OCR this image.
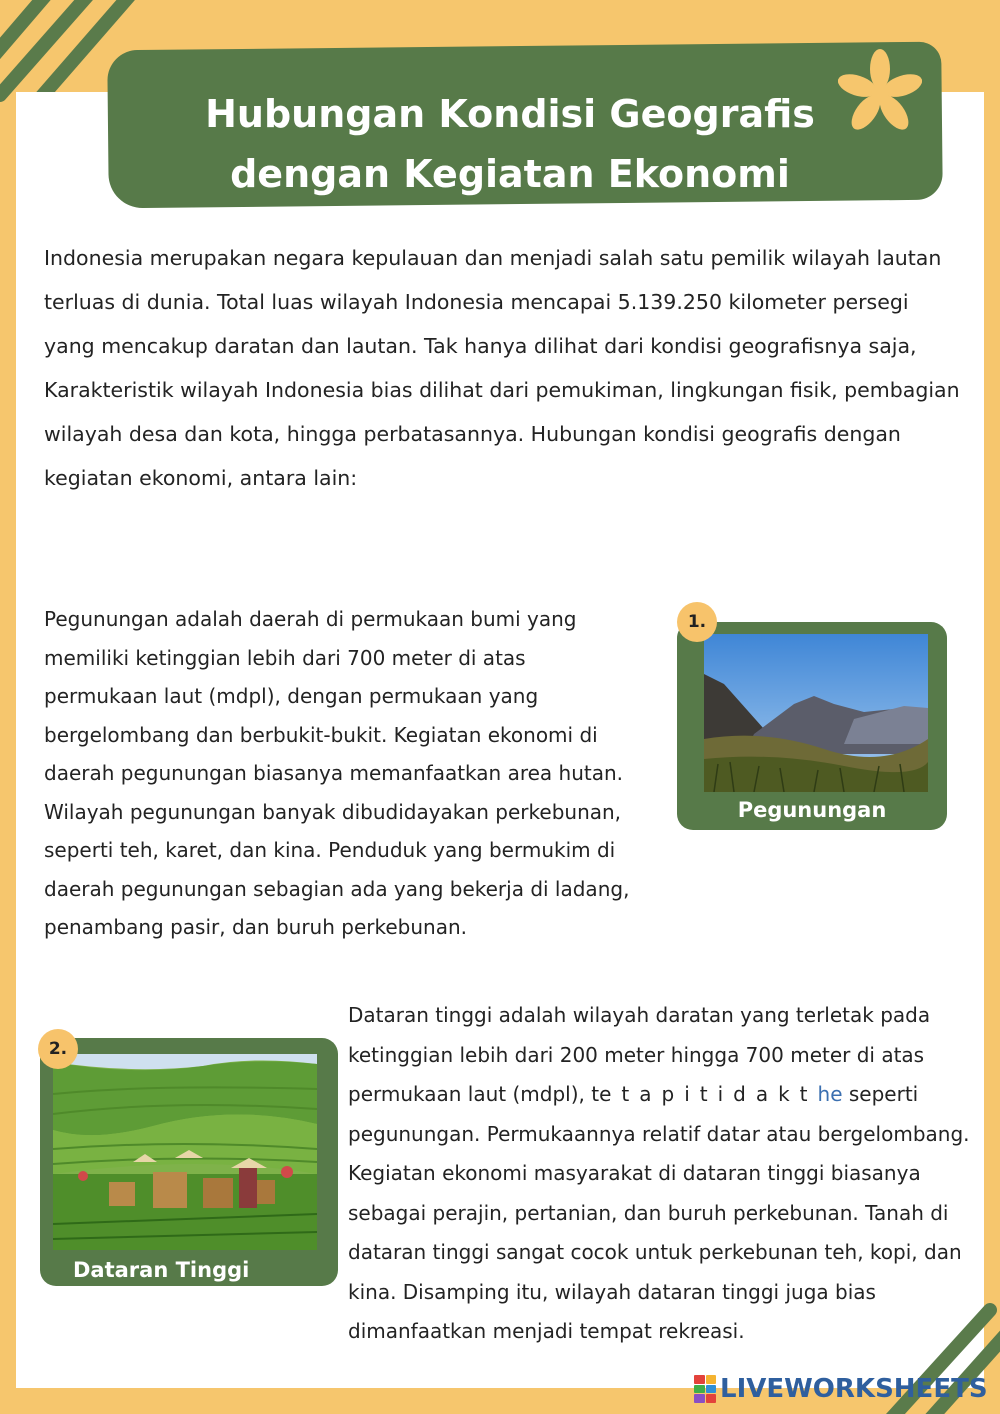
Hubungan Kondisi Geografis
dengan Kegiatan Ekonomi

Indonesia merupakan negara kepulauan dan menjadi salah satu pemilik wilayah lautan terluas di dunia. Total luas wilayah Indonesia mencapai 5.139.250 kilometer persegi yang mencakup daratan dan lautan. Tak hanya dilihat dari kondisi geografisnya saja, Karakteristik wilayah Indonesia bias dilihat dari pemukiman, lingkungan fisik, pembagian wilayah desa dan kota, hingga perbatasannya. Hubungan kondisi geografis dengan kegiatan ekonomi, antara lain:

Pegunungan adalah daerah di permukaan bumi yang memiliki ketinggian lebih dari 700 meter di atas permukaan laut (mdpl), dengan permukaan yang bergelombang dan berbukit-bukit. Kegiatan ekonomi di daerah pegunungan biasanya memanfaatkan area hutan. Wilayah pegunungan banyak dibudidayakan perkebunan, seperti teh, karet, dan kina. Penduduk yang bermukim di daerah pegunungan sebagian ada yang bekerja di ladang, penambang pasir, dan buruh perkebunan.

Pegunungan
1.
Dataran Tinggi
2.

Dataran tinggi adalah wilayah daratan yang terletak pada ketinggian lebih dari 200 meter hingga 700 meter di atas permukaan laut (mdpl), tetapitidakthe seperti pegunungan. Permukaannya relatif datar atau bergelombang. Kegiatan ekonomi masyarakat di dataran tinggi biasanya sebagai perajin, pertanian, dan buruh perkebunan. Tanah di dataran tinggi sangat cocok untuk perkebunan teh, kopi, dan kina. Disamping itu, wilayah dataran tinggi juga bias dimanfaatkan menjadi tempat rekreasi.

LIVEWORKSHEETS
